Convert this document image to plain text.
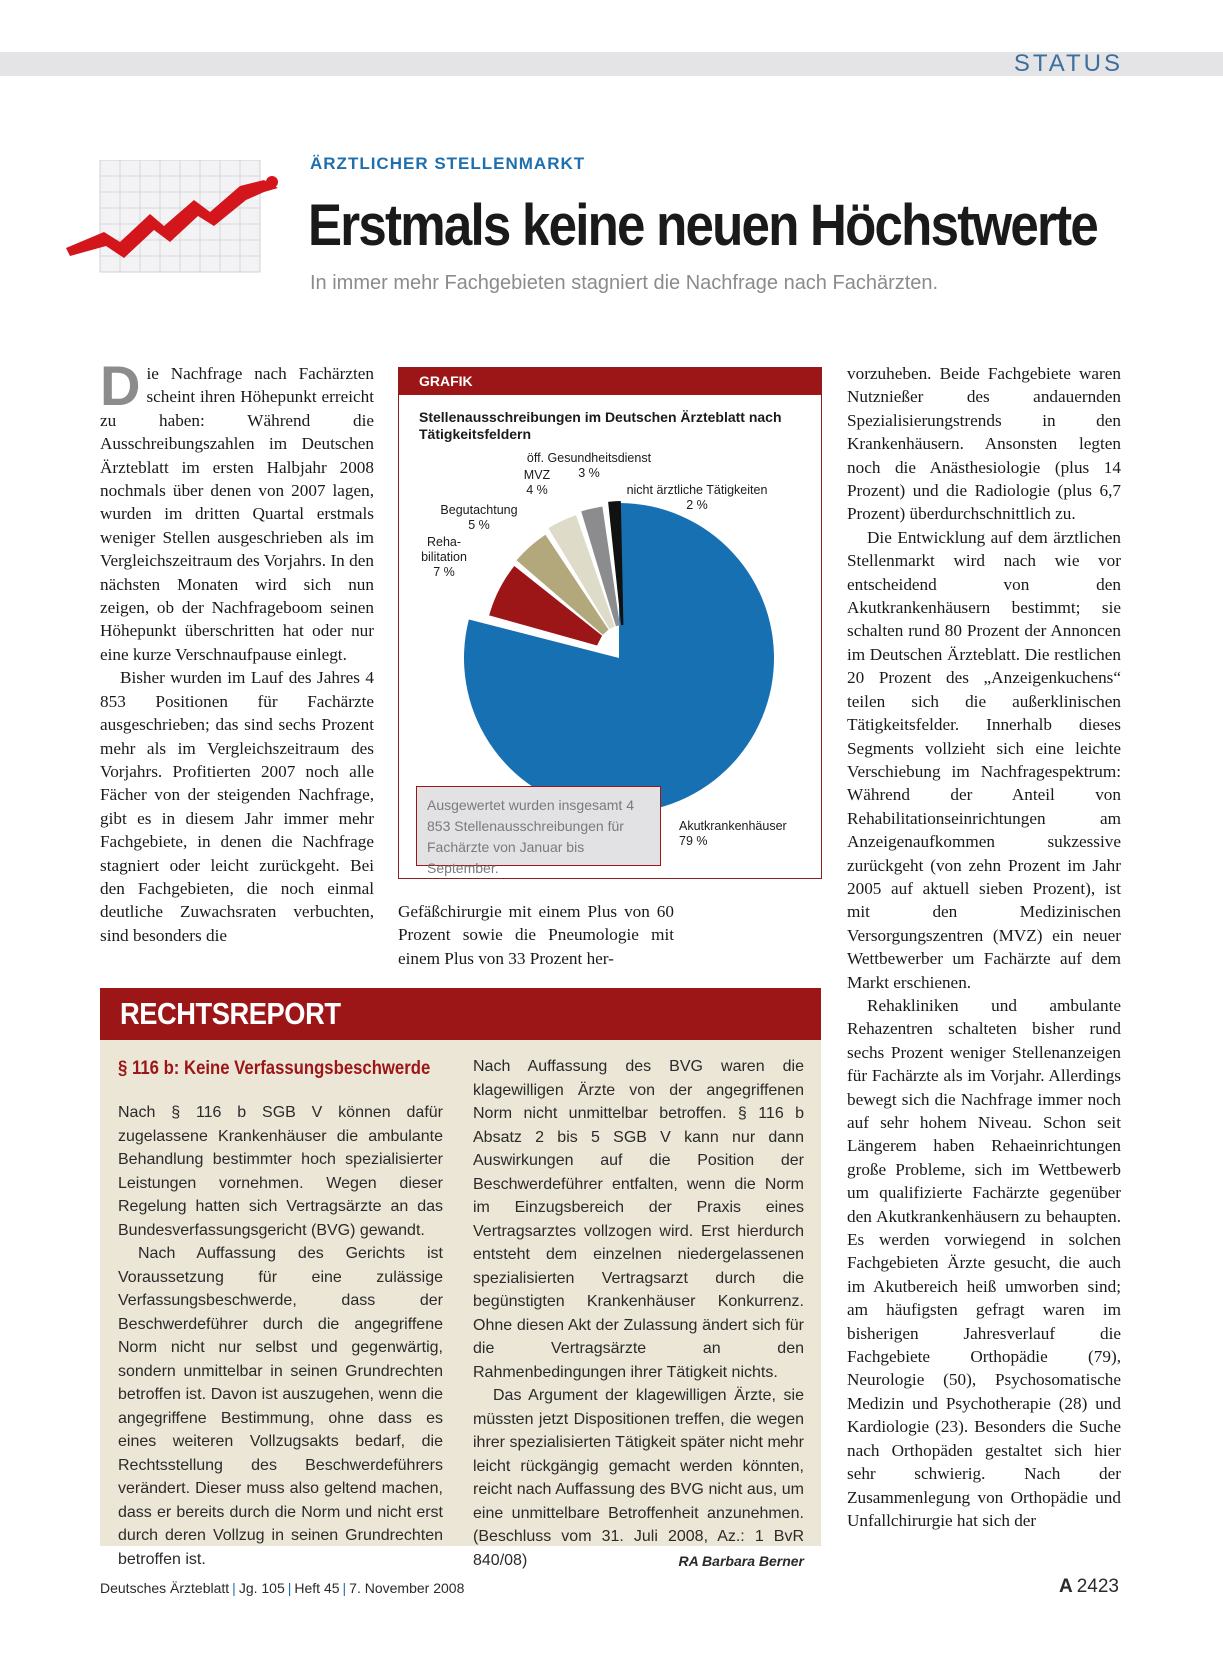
STATUS
ÄRZTLICHER STELLENMARKT
Erstmals keine neuen Höchstwerte
In immer mehr Fachgebieten stagniert die Nachfrage nach Fachärzten.
D ie Nachfrage nach Fachärzten scheint ihren Höhepunkt erreicht zu haben: Während die Ausschreibungszahlen im Deutschen Ärzteblatt im ersten Halbjahr 2008 nochmals über denen von 2007 lagen, wurden im dritten Quartal erstmals weniger Stellen ausgeschrieben als im Vergleichszeitraum des Vorjahrs. In den nächsten Monaten wird sich nun zeigen, ob der Nachfrageboom seinen Höhepunkt überschritten hat oder nur eine kurze Verschnaufpause einlegt.

Bisher wurden im Lauf des Jahres 4 853 Positionen für Fachärzte ausgeschrieben; das sind sechs Prozent mehr als im Vergleichszeitraum des Vorjahrs. Profitierten 2007 noch alle Fächer von der steigenden Nachfrage, gibt es in diesem Jahr immer mehr Fachgebiete, in denen die Nachfrage stagniert oder leicht zurückgeht. Bei den Fachgebieten, die noch einmal deutliche Zuwachsraten verbuchten, sind besonders die

GRAFIK
Stellenausschreibungen im Deutschen Ärzteblatt nach Tätigkeitsfeldern
Akutkrankenhäuser 79 %
Reha-bilitation 7 %
Begutachtung 5 %
MVZ 4 %
öff. Gesundheitsdienst 3 %
nicht ärztliche Tätigkeiten 2 %
Ausgewertet wurden insgesamt 4 853 Stellenausschreibungen für Fachärzte von Januar bis September.

Gefäßchirurgie mit einem Plus von 60 Prozent sowie die Pneumologie mit einem Plus von 33 Prozent her-

vorzuheben. Beide Fachgebiete waren Nutznießer des andauernden Spezialisierungstrends in den Krankenhäusern. Ansonsten legten noch die Anästhesiologie (plus 14 Prozent) und die Radiologie (plus 6,7 Prozent) überdurchschnittlich zu.

Die Entwicklung auf dem ärztlichen Stellenmarkt wird nach wie vor entscheidend von den Akutkrankenhäusern bestimmt; sie schalten rund 80 Prozent der Annoncen im Deutschen Ärzteblatt. Die restlichen 20 Prozent des „Anzeigenkuchens“ teilen sich die außerklinischen Tätigkeitsfelder. Innerhalb dieses Segments vollzieht sich eine leichte Verschiebung im Nachfragespektrum: Während der Anteil von Rehabilitationseinrichtungen am Anzeigenaufkommen sukzessive zurückgeht (von zehn Prozent im Jahr 2005 auf aktuell sieben Prozent), ist mit den Medizinischen Versorgungszentren (MVZ) ein neuer Wettbewerber um Fachärzte auf dem Markt erschienen.

Rehakliniken und ambulante Rehazentren schalteten bisher rund sechs Prozent weniger Stellenanzeigen für Fachärzte als im Vorjahr. Allerdings bewegt sich die Nachfrage immer noch auf sehr hohem Niveau. Schon seit Längerem haben Rehaeinrichtungen große Probleme, sich im Wettbewerb um qualifizierte Fachärzte gegenüber den Akutkrankenhäusern zu behaupten. Es werden vorwiegend in solchen Fachgebieten Ärzte gesucht, die auch im Akutbereich heiß umworben sind; am häufigsten gefragt waren im bisherigen Jahresverlauf die Fachgebiete Orthopädie (79), Neurologie (50), Psychosomatische Medizin und Psychotherapie (28) und Kardiologie (23). Besonders die Suche nach Orthopäden gestaltet sich hier sehr schwierig. Nach der Zusammenlegung von Orthopädie und Unfallchirurgie hat sich der

RECHTSREPORT
§ 116 b: Keine Verfassungsbeschwerde

Nach § 116 b SGB V können dafür zugelassene Krankenhäuser die ambulante Behandlung bestimmter hoch spezialisierter Leistungen vornehmen. Wegen dieser Regelung hatten sich Vertragsärzte an das Bundesverfassungsgericht (BVG) gewandt.

Nach Auffassung des Gerichts ist Voraussetzung für eine zulässige Verfassungsbeschwerde, dass der Beschwerdeführer durch die angegriffene Norm nicht nur selbst und gegenwärtig, sondern unmittelbar in seinen Grundrechten betroffen ist. Davon ist auszugehen, wenn die angegriffene Bestimmung, ohne dass es eines weiteren Vollzugsakts bedarf, die Rechtsstellung des Beschwerdeführers verändert. Dieser muss also geltend machen, dass er bereits durch die Norm und nicht erst durch deren Vollzug in seinen Grundrechten betroffen ist.

Nach Auffassung des BVG waren die klagewilligen Ärzte von der angegriffenen Norm nicht unmittelbar betroffen. § 116 b Absatz 2 bis 5 SGB V kann nur dann Auswirkungen auf die Position der Beschwerdeführer entfalten, wenn die Norm im Einzugsbereich der Praxis eines Vertragsarztes vollzogen wird. Erst hierdurch entsteht dem einzelnen niedergelassenen spezialisierten Vertragsarzt durch die begünstigten Krankenhäuser Konkurrenz. Ohne diesen Akt der Zulassung ändert sich für die Vertragsärzte an den Rahmenbedingungen ihrer Tätigkeit nichts.

Das Argument der klagewilligen Ärzte, sie müssten jetzt Dispositionen treffen, die wegen ihrer spezialisierten Tätigkeit später nicht mehr leicht rückgängig gemacht werden könnten, reicht nach Auffassung des BVG nicht aus, um eine unmittelbare Betroffenheit anzunehmen. (Beschluss vom 31. Juli 2008, Az.: 1 BvR 840/08)	RA Barbara Berner
Deutsches Ärzteblatt | Jg. 105 | Heft 45 | 7. November 2008	A 2423
